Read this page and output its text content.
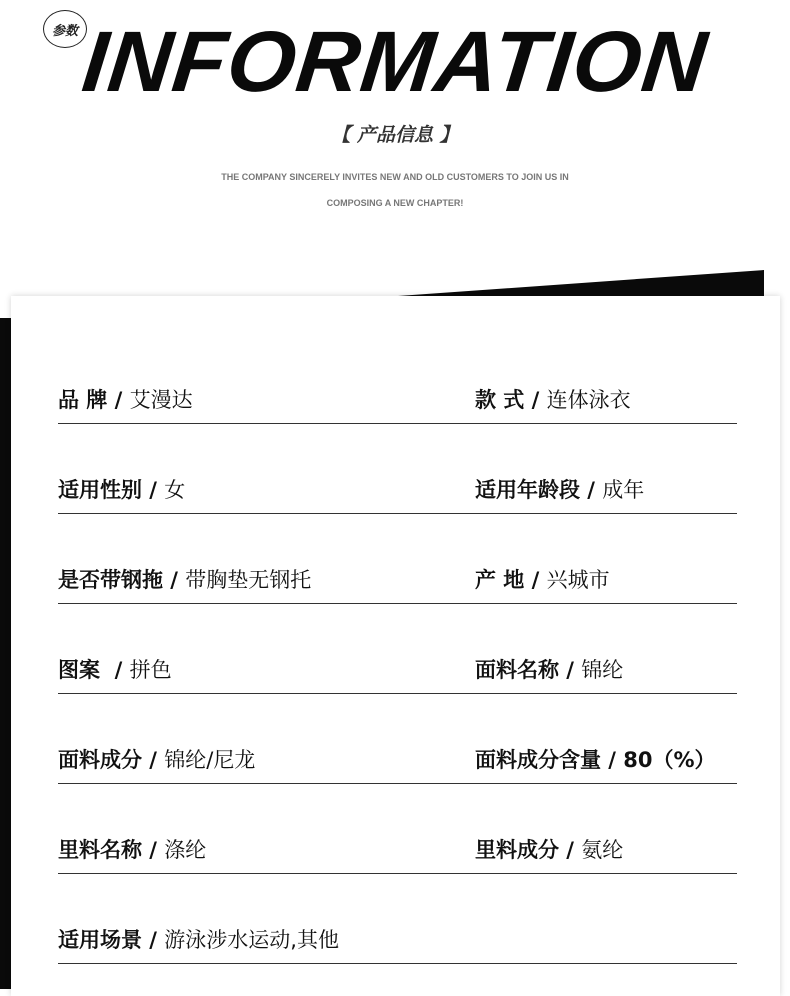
参数 INFORMATION
【 产品信息 】
THE COMPANY SINCERELY INVITES NEW AND OLD CUSTOMERS TO JOIN US IN
COMPOSING A NEW CHAPTER!
品 牌 / 艾漫达	款 式 / 连体泳衣
适用性别 / 女	适用年龄段 / 成年
是否带钢拖 / 带胸垫无钢托	产 地 / 兴城市
图案  / 拼色	面料名称 / 锦纶
面料成分 / 锦纶/尼龙	面料成分含量 / 80（%）
里料名称 / 涤纶	里料成分 / 氨纶
适用场景 / 游泳涉水运动,其他
